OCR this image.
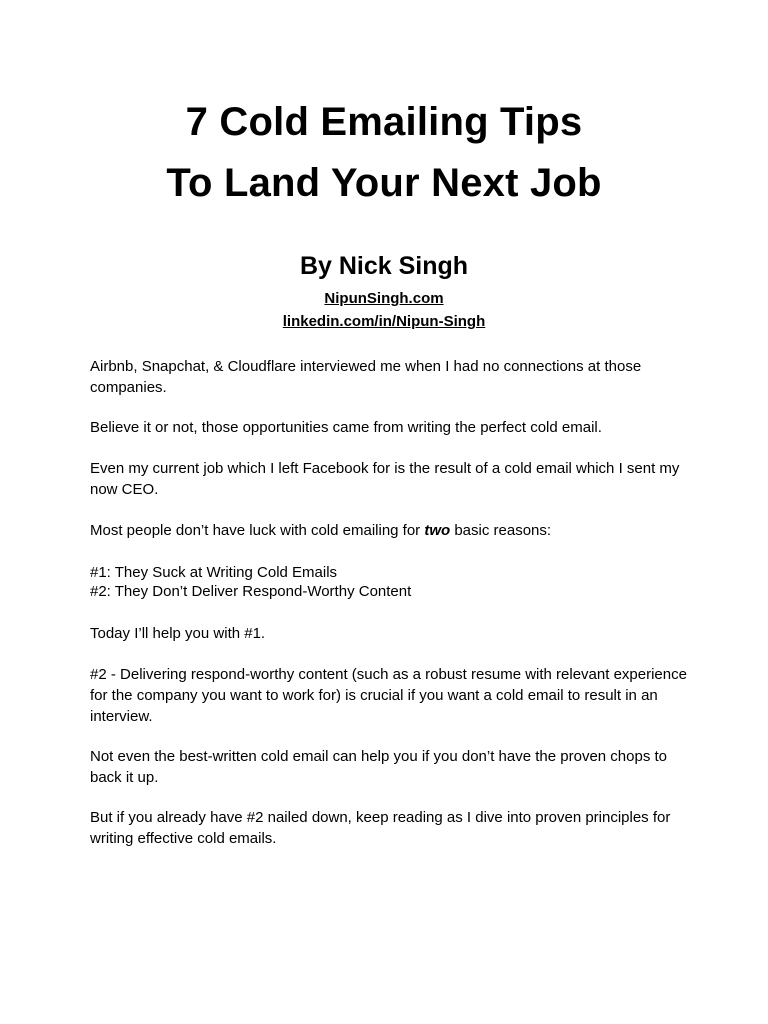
7 Cold Emailing Tips
To Land Your Next Job

By Nick Singh

NipunSingh.com

linkedin.com/in/Nipun-Singh

Airbnb, Snapchat, & Cloudflare interviewed me when I had no connections at those companies.

Believe it or not, those opportunities came from writing the perfect cold email.

Even my current job which I left Facebook for is the result of a cold email which I sent my now CEO.

Most people don’t have luck with cold emailing for two basic reasons:

#1: They Suck at Writing Cold Emails

#2: They Don’t Deliver Respond-Worthy Content

Today I’ll help you with #1.

#2 - Delivering respond-worthy content (such as a robust resume with relevant experience for the company you want to work for) is crucial if you want a cold email to result in an interview.

Not even the best-written cold email can help you if you don’t have the proven chops to back it up.

But if you already have #2 nailed down, keep reading as I dive into proven principles for writing effective cold emails.
